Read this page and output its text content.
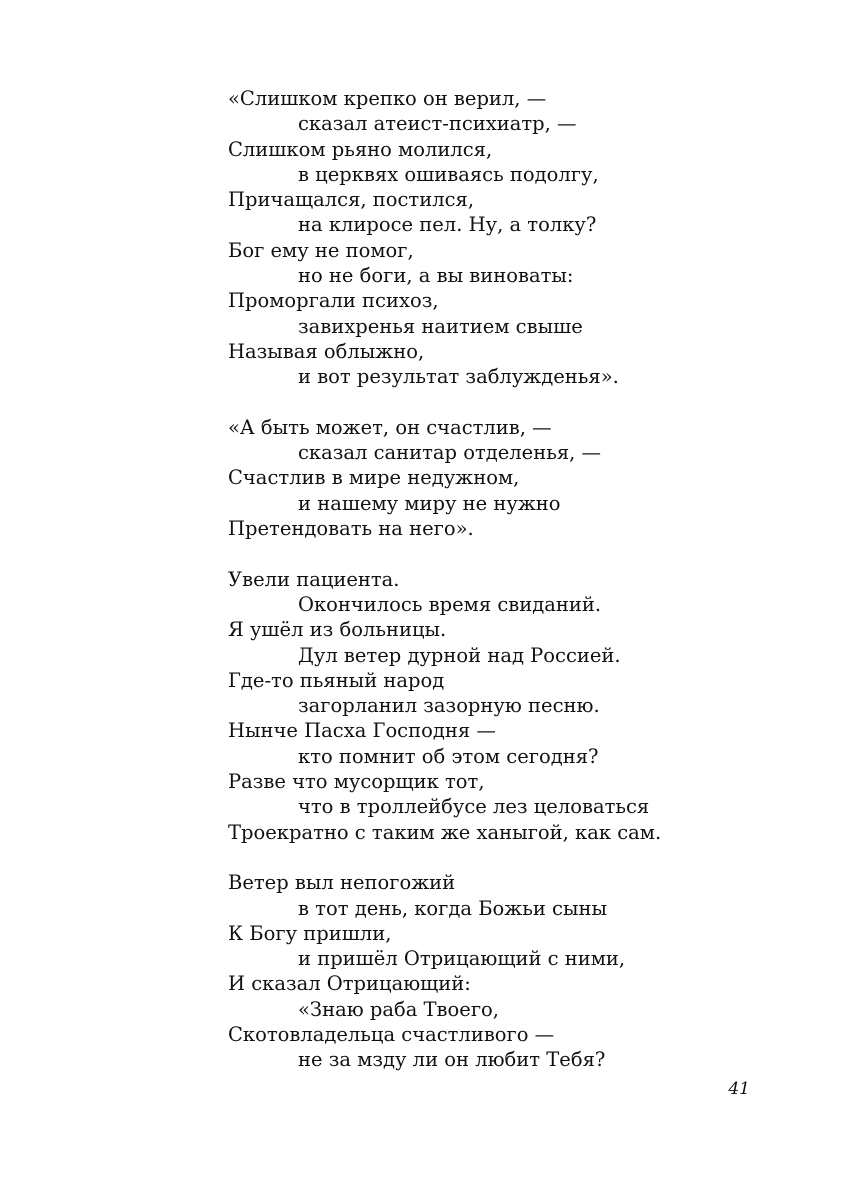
«Слишком крепко он верил, —
сказал атеист-психиатр, —
Слишком рьяно молился,
в церквях ошиваясь подолгу,
Причащался, постился,
на клиросе пел. Ну, а толку?
Бог ему не помог,
но не боги, а вы виноваты:
Проморгали психоз,
завихренья наитием свыше
Называя облыжно,
и вот результат заблужденья».
«А быть может, он счастлив, —
сказал санитар отделенья, —
Счастлив в мире недужном,
и нашему миру не нужно
Претендовать на него».
Увели пациента.
Окончилось время свиданий.
Я ушёл из больницы.
Дул ветер дурной над Россией.
Где-то пьяный народ
загорланил зазорную песню.
Нынче Пасха Господня —
кто помнит об этом сегодня?
Разве что мусорщик тот,
что в троллейбусе лез целоваться
Троекратно с таким же ханыгой, как сам.
Ветер выл непогожий
в тот день, когда Божьи сыны
К Богу пришли,
и пришёл Отрицающий с ними,
И сказал Отрицающий:
«Знаю раба Твоего,
Скотовладельца счастливого —
не за мзду ли он любит Тебя?
41
